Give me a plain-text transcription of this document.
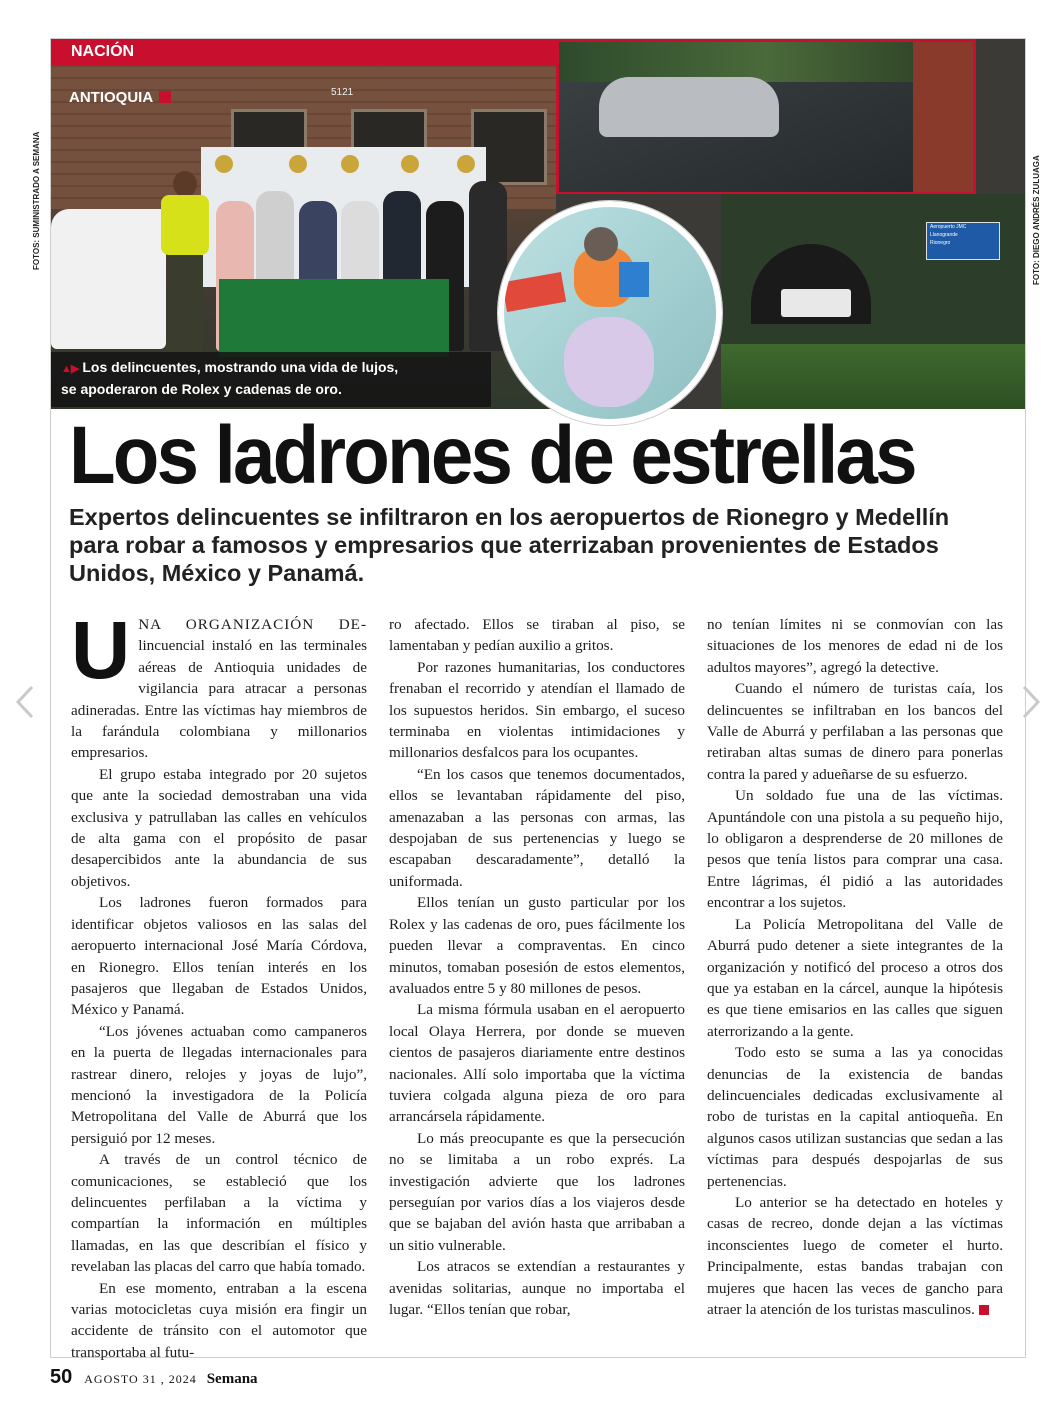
5121
Aeropuerto JMC
Llanogrande
Rionegro
NACIÓN
ANTIOQUIA

▲▶ Los delincuentes, mostrando una vida de lujos,

se apoderaron de Rolex y cadenas de oro.

Los ladrones de estrellas

Expertos delincuentes se infiltraron en los aeropuertos de Rionegro y Medellín para robar a famosos y empresarios que aterrizaban provenientes de Estados Unidos, México y Panamá.

UNA ORGANIZACIÓN DE- lincuencial instaló en las terminales aéreas de Antioquia unidades de vigilancia para atracar a personas adineradas. Entre las víctimas hay miembros de la farándula colombiana y millonarios empresarios.

El grupo estaba integrado por 20 sujetos que ante la sociedad demostraban una vida exclusiva y patrullaban las calles en vehículos de alta gama con el propósito de pasar desapercibidos ante la abundancia de sus objetivos.

Los ladrones fueron formados para identificar objetos valiosos en las salas del aeropuerto internacional José María Córdova, en Rionegro. Ellos tenían interés en los pasajeros que llegaban de Estados Unidos, México y Panamá.

“Los jóvenes actuaban como campaneros en la puerta de llegadas internacionales para rastrear dinero, relojes y joyas de lujo”, mencionó la investigadora de la Policía Metropolitana del Valle de Aburrá que los persiguió por 12 meses.

A través de un control técnico de comunicaciones, se estableció que los delincuentes perfilaban a la víctima y compartían la información en múltiples llamadas, en las que describían el físico y revelaban las placas del carro que había tomado.

En ese momento, entraban a la escena varias motocicletas cuya misión era fingir un accidente de tránsito con el automotor que transportaba al futu-

ro afectado. Ellos se tiraban al piso, se lamentaban y pedían auxilio a gritos.

Por razones humanitarias, los conductores frenaban el recorrido y atendían el llamado de los supuestos heridos. Sin embargo, el suceso terminaba en violentas intimidaciones y millonarios desfalcos para los ocupantes.

“En los casos que tenemos documentados, ellos se levantaban rápidamente del piso, amenazaban a las personas con armas, las despojaban de sus pertenencias y luego se escapaban descaradamente”, detalló la uniformada.

Ellos tenían un gusto particular por los Rolex y las cadenas de oro, pues fácilmente los pueden llevar a compraventas. En cinco minutos, tomaban posesión de estos elementos, avaluados entre 5 y 80 millones de pesos.

La misma fórmula usaban en el aeropuerto local Olaya Herrera, por donde se mueven cientos de pasajeros diariamente entre destinos nacionales. Allí solo importaba que la víctima tuviera colgada alguna pieza de oro para arrancársela rápidamente.

Lo más preocupante es que la persecución no se limitaba a un robo exprés. La investigación advierte que los ladrones perseguían por varios días a los viajeros desde que se bajaban del avión hasta que arribaban a un sitio vulnerable.

Los atracos se extendían a restaurantes y avenidas solitarias, aunque no importaba el lugar. “Ellos tenían que robar,

no tenían límites ni se conmovían con las situaciones de los menores de edad ni de los adultos mayores”, agregó la detective.

Cuando el número de turistas caía, los delincuentes se infiltraban en los bancos del Valle de Aburrá y perfilaban a las personas que retiraban altas sumas de dinero para ponerlas contra la pared y adueñarse de su esfuerzo.

Un soldado fue una de las víctimas. Apuntándole con una pistola a su pequeño hijo, lo obligaron a desprenderse de 20 millones de pesos que tenía listos para comprar una casa. Entre lágrimas, él pidió a las autoridades encontrar a los sujetos.

La Policía Metropolitana del Valle de Aburrá pudo detener a siete integrantes de la organización y notificó del proceso a otros dos que ya estaban en la cárcel, aunque la hipótesis es que tiene emisarios en las calles que siguen aterrorizando a la gente.

Todo esto se suma a las ya conocidas denuncias de la existencia de bandas delincuenciales dedicadas exclusivamente al robo de turistas en la capital antioqueña. En algunos casos utilizan sustancias que sedan a las víctimas para después despojarlas de sus pertenencias.

Lo anterior se ha detectado en hoteles y casas de recreo, donde dejan a las víctimas inconscientes luego de cometer el hurto. Principalmente, estas bandas trabajan con mujeres que hacen las veces de gancho para atraer la atención de los turistas masculinos.

FOTOS: SUMINISTRADO A SEMANA	FOTO: DIEGO ANDRÉS ZULUAGA
50 AGOSTO 31 , 2024 Semana
